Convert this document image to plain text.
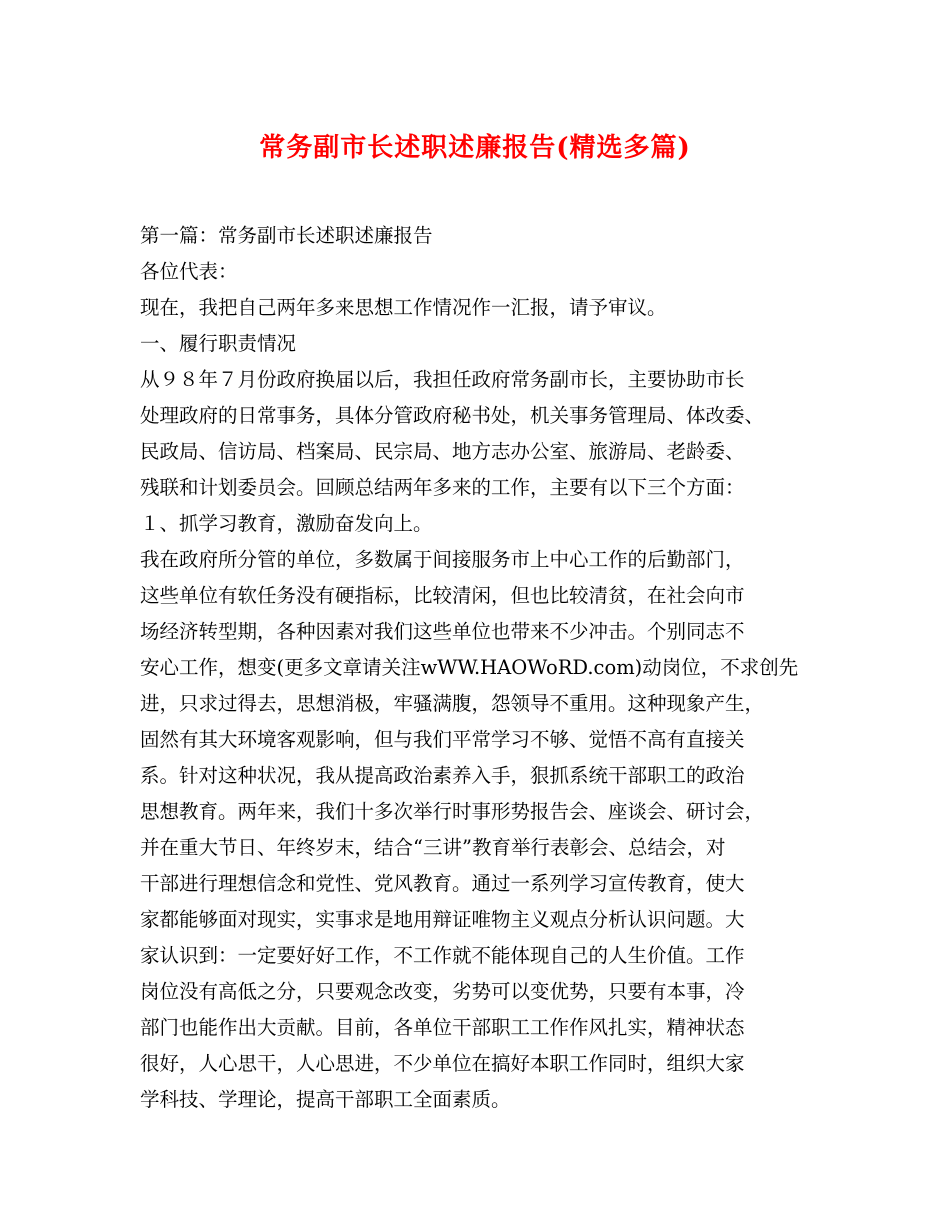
常务副市长述职述廉报告(精选多篇)
第一篇：常务副市长述职述廉报告
各位代表：
现在，我把自己两年多来思想工作情况作一汇报，请予审议。
一、履行职责情况
从９８年７月份政府换届以后，我担任政府常务副市长，主要协助市长
处理政府的日常事务，具体分管政府秘书处，机关事务管理局、体改委、
民政局、信访局、档案局、民宗局、地方志办公室、旅游局、老龄委、
残联和计划委员会。回顾总结两年多来的工作，主要有以下三个方面：
１、抓学习教育，激励奋发向上。
我在政府所分管的单位，多数属于间接服务市上中心工作的后勤部门，
这些单位有软任务没有硬指标，比较清闲，但也比较清贫，在社会向市
场经济转型期，各种因素对我们这些单位也带来不少冲击。个别同志不
安心工作，想变(更多文章请关注wWW.HAOWoRD.com)动岗位，不求创先
进，只求过得去，思想消极，牢骚满腹，怨领导不重用。这种现象产生，
固然有其大环境客观影响，但与我们平常学习不够、觉悟不高有直接关
系。针对这种状况，我从提高政治素养入手，狠抓系统干部职工的政治
思想教育。两年来，我们十多次举行时事形势报告会、座谈会、研讨会，
并在重大节日、年终岁末，结合“三讲”教育举行表彰会、总结会，对
干部进行理想信念和党性、党风教育。通过一系列学习宣传教育，使大
家都能够面对现实，实事求是地用辩证唯物主义观点分析认识问题。大
家认识到：一定要好好工作，不工作就不能体现自己的人生价值。工作
岗位没有高低之分，只要观念改变，劣势可以变优势，只要有本事，冷
部门也能作出大贡献。目前，各单位干部职工工作作风扎实，精神状态
很好，人心思干，人心思进，不少单位在搞好本职工作同时，组织大家
学科技、学理论，提高干部职工全面素质。
